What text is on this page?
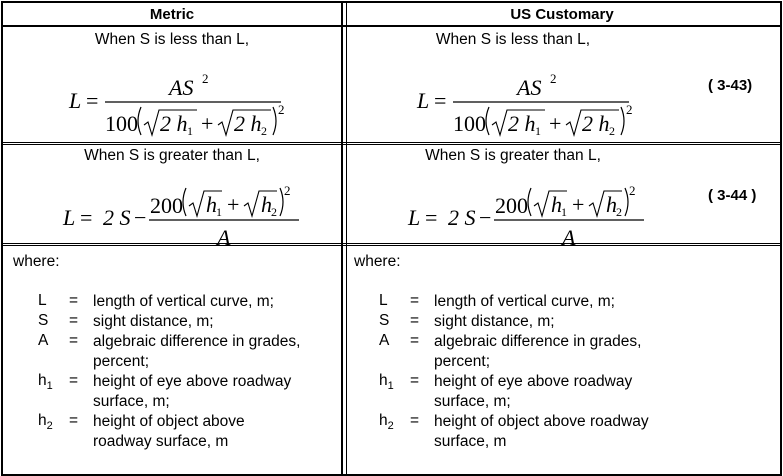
Metric	US Customary
When S is less than L,
L =
AS 2
100 2 h 1 + 2 h 2
2
When S is less than L,
L =
AS 2
100 2 h 1 + 2 h 2
2
( 3-43)
When S is greater than L,
L = 2 S − 200 h 1 + h 2
2
A
When S is greater than L,
L = 2 S − 200 h 1 + h 2
2
A
( 3-44 )
where:
L = length of vertical curve, m;
S = sight distance, m;
A = algebraic difference in grades, percent;
$h_1$ = height of eye above roadway surface, m;
$h_2$ = height of object above roadway surface, m
where:
L = length of vertical curve, m;
S = sight distance, m;
A = algebraic difference in grades, percent;
$h_1$ = height of eye above roadway surface, m;
$h_2$ = height of object above roadway surface, m
